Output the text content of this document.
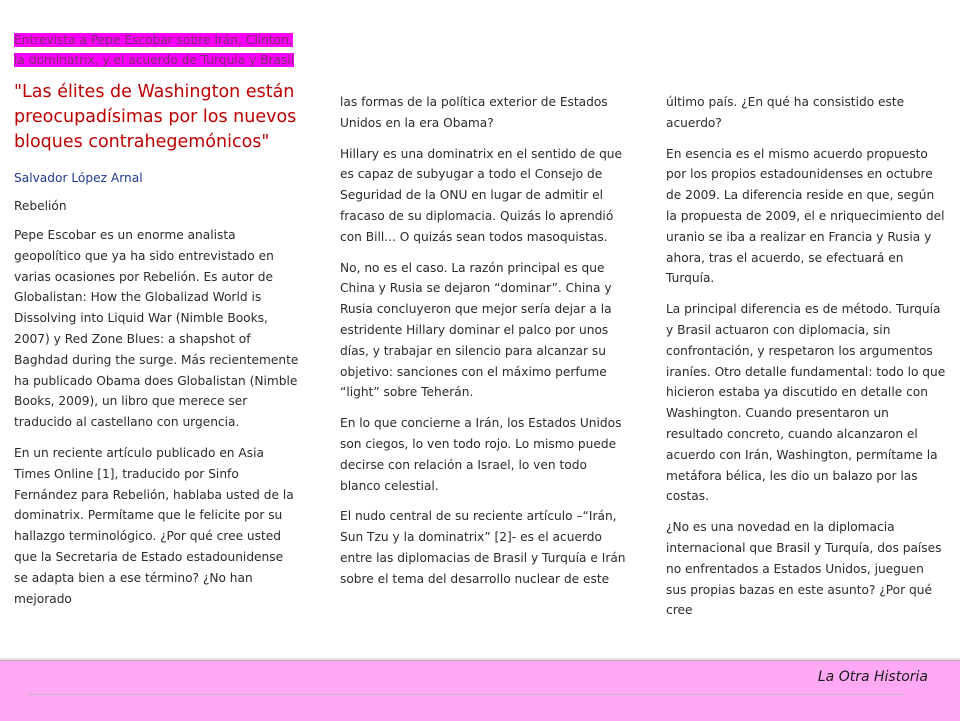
Entrevista a Pepe Escobar sobre Irán, Clinton, la dominatrix, y el acuerdo de Turquía y Brasil
"Las élites de Washington están preocupadísimas por los nuevos bloques contrahegemónicos"
Salvador López Arnal
Rebelión

Pepe Escobar es un enorme analista geopolítico que ya ha sido entrevistado en varias ocasiones por Rebelión. Es autor de Globalistan: How the Globalizad World is Dissolving into Liquid War (Nimble Books, 2007) y Red Zone Blues: a shapshot of Baghdad during the surge. Más recientemente ha publicado Obama does Globalistan (Nimble Books, 2009), un libro que merece ser traducido al castellano con urgencia.

En un reciente artículo publicado en Asia Times Online [1], traducido por Sinfo Fernández para Rebelión, hablaba usted de la dominatrix. Permítame que le felicite por su hallazgo terminológico. ¿Por qué cree usted que la Secretaria de Estado estadounidense se adapta bien a ese término? ¿No han mejorado

las formas de la política exterior de Estados Unidos en la era Obama?

Hillary es una dominatrix en el sentido de que es capaz de subyugar a todo el Consejo de Seguridad de la ONU en lugar de admitir el fracaso de su diplomacia. Quizás lo aprendió con Bill... O quizás sean todos masoquistas.

No, no es el caso. La razón principal es que China y Rusia se dejaron “dominar”. China y Rusia concluyeron que mejor sería dejar a la estridente Hillary dominar el palco por unos días, y trabajar en silencio para alcanzar su objetivo: sanciones con el máximo perfume “light” sobre Teherán.

En lo que concierne a Irán, los Estados Unidos son ciegos, lo ven todo rojo. Lo mismo puede decirse con relación a Israel, lo ven todo blanco celestial.

El nudo central de su reciente artículo –“Irán, Sun Tzu y la dominatrix” [2]- es el acuerdo entre las diplomacias de Brasil y Turquía e Irán sobre el tema del desarrollo nuclear de este

último país. ¿En qué ha consistido este acuerdo?

En esencia es el mismo acuerdo propuesto por los propios estadounidenses en octubre de 2009. La diferencia reside en que, según la propuesta de 2009, el e nriquecimiento del uranio se iba a realizar en Francia y Rusia y ahora, tras el acuerdo, se efectuará en Turquía.

La principal diferencia es de método. Turquía y Brasil actuaron con diplomacia, sin confrontación, y respetaron los argumentos iraníes. Otro detalle fundamental: todo lo que hicieron estaba ya discutido en detalle con Washington. Cuando presentaron un resultado concreto, cuando alcanzaron el acuerdo con Irán, Washington, permítame la metáfora bélica, les dio un balazo por las costas.

¿No es una novedad en la diplomacia internacional que Brasil y Turquía, dos países no enfrentados a Estados Unidos, jueguen sus propias bazas en este asunto? ¿Por qué cree

La Otra Historia
